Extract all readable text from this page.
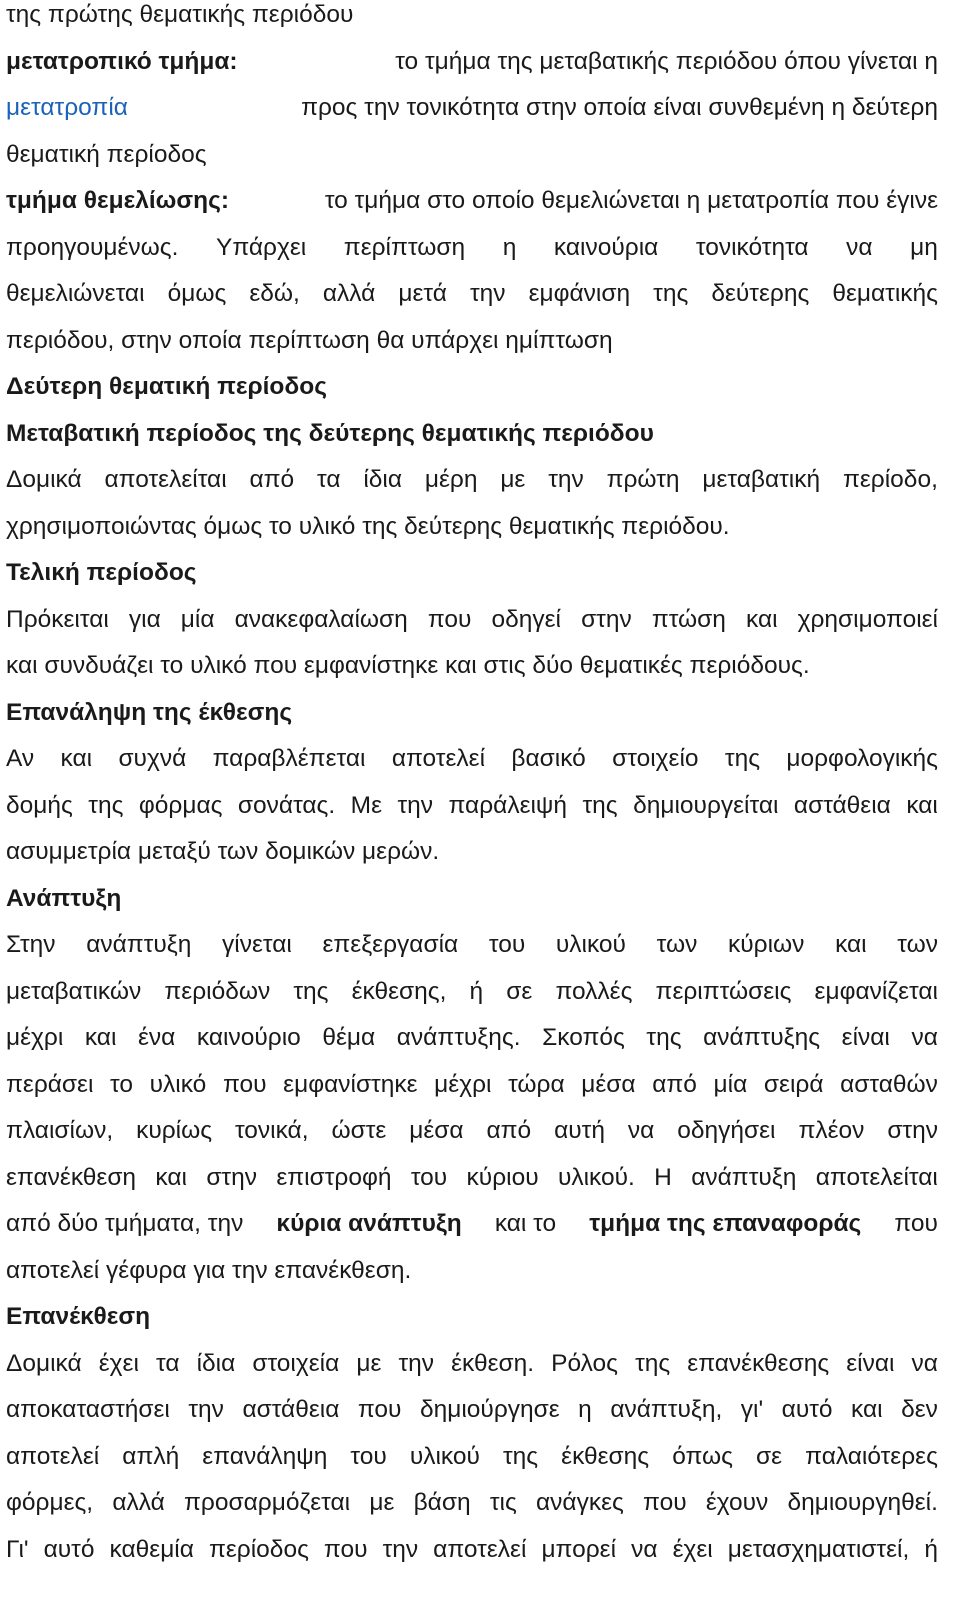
της πρώτης θεματικής περιόδου
μετατροπικό τμήμα:	το τμήμα της μεταβατικής περιόδου όπου γίνεται η
μετατροπία	προς την τονικότητα στην οποία είναι συνθεμένη η δεύτερη
θεματική περίοδος
τμήμα θεμελίωσης:	το τμήμα στο οποίο θεμελιώνεται η μετατροπία που έγινε
προηγουμένως. Υπάρχει περίπτωση η καινούρια τονικότητα να μη
θεμελιώνεται όμως εδώ, αλλά μετά την εμφάνιση της δεύτερης θεματικής
περιόδου, στην οποία περίπτωση θα υπάρχει ημίπτωση
Δεύτερη θεματική περίοδος
Μεταβατική περίοδος της δεύτερης θεματικής περιόδου
Δομικά αποτελείται από τα ίδια μέρη με την πρώτη μεταβατική περίοδο,
χρησιμοποιώντας όμως το υλικό της δεύτερης θεματικής περιόδου.
Τελική περίοδος
Πρόκειται για μία ανακεφαλαίωση που οδηγεί στην πτώση και χρησιμοποιεί
και συνδυάζει το υλικό που εμφανίστηκε και στις δύο θεματικές περιόδους.
Επανάληψη της έκθεσης
Αν και συχνά παραβλέπεται αποτελεί βασικό στοιχείο της μορφολογικής
δομής της φόρμας σονάτας. Με την παράλειψή της δημιουργείται αστάθεια και
ασυμμετρία μεταξύ των δομικών μερών.
Ανάπτυξη
Στην ανάπτυξη γίνεται επεξεργασία του υλικού των κύριων και των
μεταβατικών περιόδων της έκθεσης, ή σε πολλές περιπτώσεις εμφανίζεται
μέχρι και ένα καινούριο θέμα ανάπτυξης. Σκοπός της ανάπτυξης είναι να
περάσει το υλικό που εμφανίστηκε μέχρι τώρα μέσα από μία σειρά ασταθών
πλαισίων, κυρίως τονικά, ώστε μέσα από αυτή να οδηγήσει πλέον στην
επανέκθεση και στην επιστροφή του κύριου υλικού. Η ανάπτυξη αποτελείται
από δύο τμήματα, την κύρια ανάπτυξη και το τμήμα της επαναφοράς που
αποτελεί γέφυρα για την επανέκθεση.
Επανέκθεση
Δομικά έχει τα ίδια στοιχεία με την έκθεση. Ρόλος της επανέκθεσης είναι να
αποκαταστήσει την αστάθεια που δημιούργησε η ανάπτυξη, γι' αυτό και δεν
αποτελεί απλή επανάληψη του υλικού της έκθεσης όπως σε παλαιότερες
φόρμες, αλλά προσαρμόζεται με βάση τις ανάγκες που έχουν δημιουργηθεί.
Γι' αυτό καθεμία περίοδος που την αποτελεί μπορεί να έχει μετασχηματιστεί, ή
